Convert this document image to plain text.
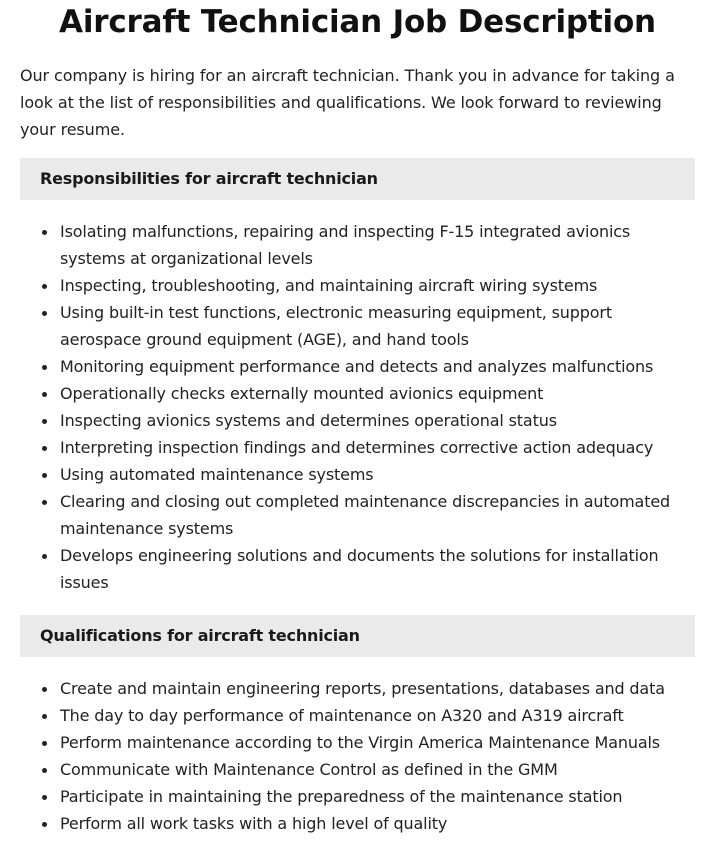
Aircraft Technician Job Description

Our company is hiring for an aircraft technician. Thank you in advance for taking a look at the list of responsibilities and qualifications. We look forward to reviewing your resume.

Responsibilities for aircraft technician
Isolating malfunctions, repairing and inspecting F-15 integrated avionics systems at organizational levels
Inspecting, troubleshooting, and maintaining aircraft wiring systems
Using built-in test functions, electronic measuring equipment, support aerospace ground equipment (AGE), and hand tools
Monitoring equipment performance and detects and analyzes malfunctions
Operationally checks externally mounted avionics equipment
Inspecting avionics systems and determines operational status
Interpreting inspection findings and determines corrective action adequacy
Using automated maintenance systems
Clearing and closing out completed maintenance discrepancies in automated maintenance systems
Develops engineering solutions and documents the solutions for installation issues
Qualifications for aircraft technician
Create and maintain engineering reports, presentations, databases and data
The day to day performance of maintenance on A320 and A319 aircraft
Perform maintenance according to the Virgin America Maintenance Manuals
Communicate with Maintenance Control as defined in the GMM
Participate in maintaining the preparedness of the maintenance station
Perform all work tasks with a high level of quality
